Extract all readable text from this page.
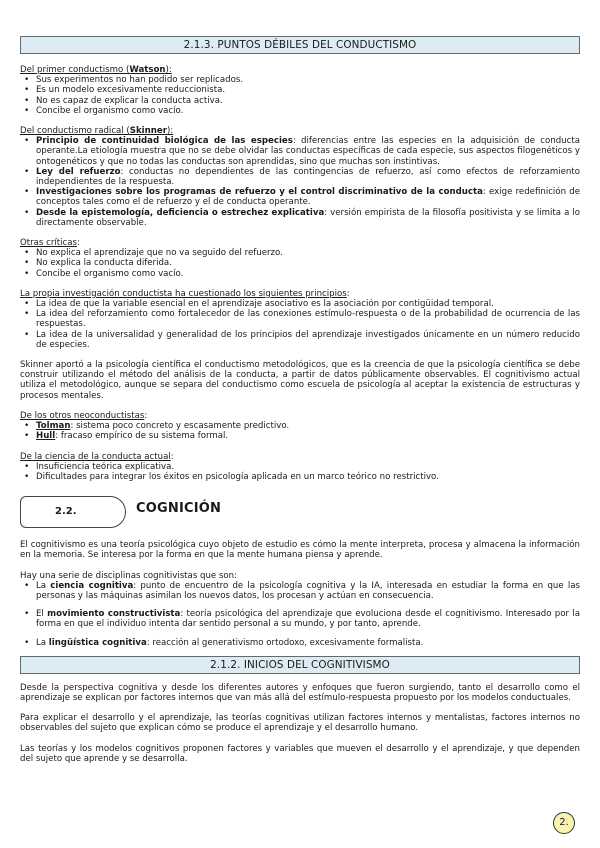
2.1.3. PUNTOS DÉBILES DEL CONDUCTISMO
Del primer conductismo (Watson):
• Sus experimentos no han podido ser replicados.
• Es un modelo excesivamente reduccionista.
• No es capaz de explicar la conducta activa.
• Concibe el organismo como vacío.
Del conductismo radical (Skinner):
• Principio de continuidad biológica de las especies: diferencias entre las especies en la adquisición de conducta operante.La etiología muestra que no se debe olvidar las conductas específicas de cada especie, sus aspectos filogenéticos y ontogenéticos y que no todas las conductas son aprendidas, sino que muchas son instintivas.
• Ley del refuerzo: conductas no dependientes de las contingencias de refuerzo, así como efectos de reforzamiento independientes de la respuesta.
• Investigaciones sobre los programas de refuerzo y el control discriminativo de la conducta: exige redefinición de conceptos tales como el de refuerzo y el de conducta operante.
• Desde la epistemología, deficiencia o estrechez explicativa: versión empirista de la filosofía positivista y se limita a lo directamente observable.
Otras críticas:
• No explica el aprendizaje que no va seguido del refuerzo.
• No explica la conducta diferida.
• Concibe el organismo como vacío.
La propia investigación conductista ha cuestionado los siguientes principios:
• La idea de que la variable esencial en el aprendizaje asociativo es la asociación por contigüidad temporal.
• La idea del reforzamiento como fortalecedor de las conexiones estímulo-respuesta o de la probabilidad de ocurrencia de las respuestas.
• La idea de la universalidad y generalidad de los principios del aprendizaje investigados únicamente en un número reducido de especies.

Skinner aportó a la psicología científica el conductismo metodológicos, que es la creencia de que la psicología científica se debe construir utilizando el método del análisis de la conducta, a partir de datos públicamente observables. El cognitivismo actual utiliza el metodológico, aunque se separa del conductismo como escuela de psicología al aceptar la existencia de estructuras y procesos mentales.

De los otros neoconductistas:
• Tolman: sistema poco concreto y escasamente predictivo.
• Hull: fracaso empírico de su sistema formal.
De la ciencia de la conducta actual:
• Insuficiencia teórica explicativa.
• Dificultades para integrar los éxitos en psicología aplicada en un marco teórico no restrictivo.
2.2.	COGNICIÓN

El cognitivismo es una teoría psicológica cuyo objeto de estudio es cómo la mente interpreta, procesa y almacena la información en la memoria. Se interesa por la forma en que la mente humana piensa y aprende.

Hay una serie de disciplinas cognitivistas que son:
• La ciencia cognitiva: punto de encuentro de la psicología cognitiva y la IA, interesada en estudiar la forma en que las personas y las máquinas asimilan los nuevos datos, los procesan y actúan en consecuencia.
• El movimiento constructivista: teoría psicológica del aprendizaje que evoluciona desde el cognitivismo. Interesado por la forma en que el individuo intenta dar sentido personal a su mundo, y por tanto, aprende.
• La lingüística cognitiva: reacción al generativismo ortodoxo, excesivamente formalista.
2.1.2. INICIOS DEL COGNITIVISMO

Desde la perspectiva cognitiva y desde los diferentes autores y enfoques que fueron surgiendo, tanto el desarrollo como el aprendizaje se explican por factores internos que van más allá del estímulo-respuesta propuesto por los modelos conductuales.

Para explicar el desarrollo y el aprendizaje, las teorías cognitivas utilizan factores internos y mentalistas, factores internos no observables del sujeto que explican cómo se produce el aprendizaje y el desarrollo humano.

Las teorías y los modelos cognitivos proponen factores y variables que mueven el desarrollo y el aprendizaje, y que dependen del sujeto que aprende y se desarrolla.

2.
